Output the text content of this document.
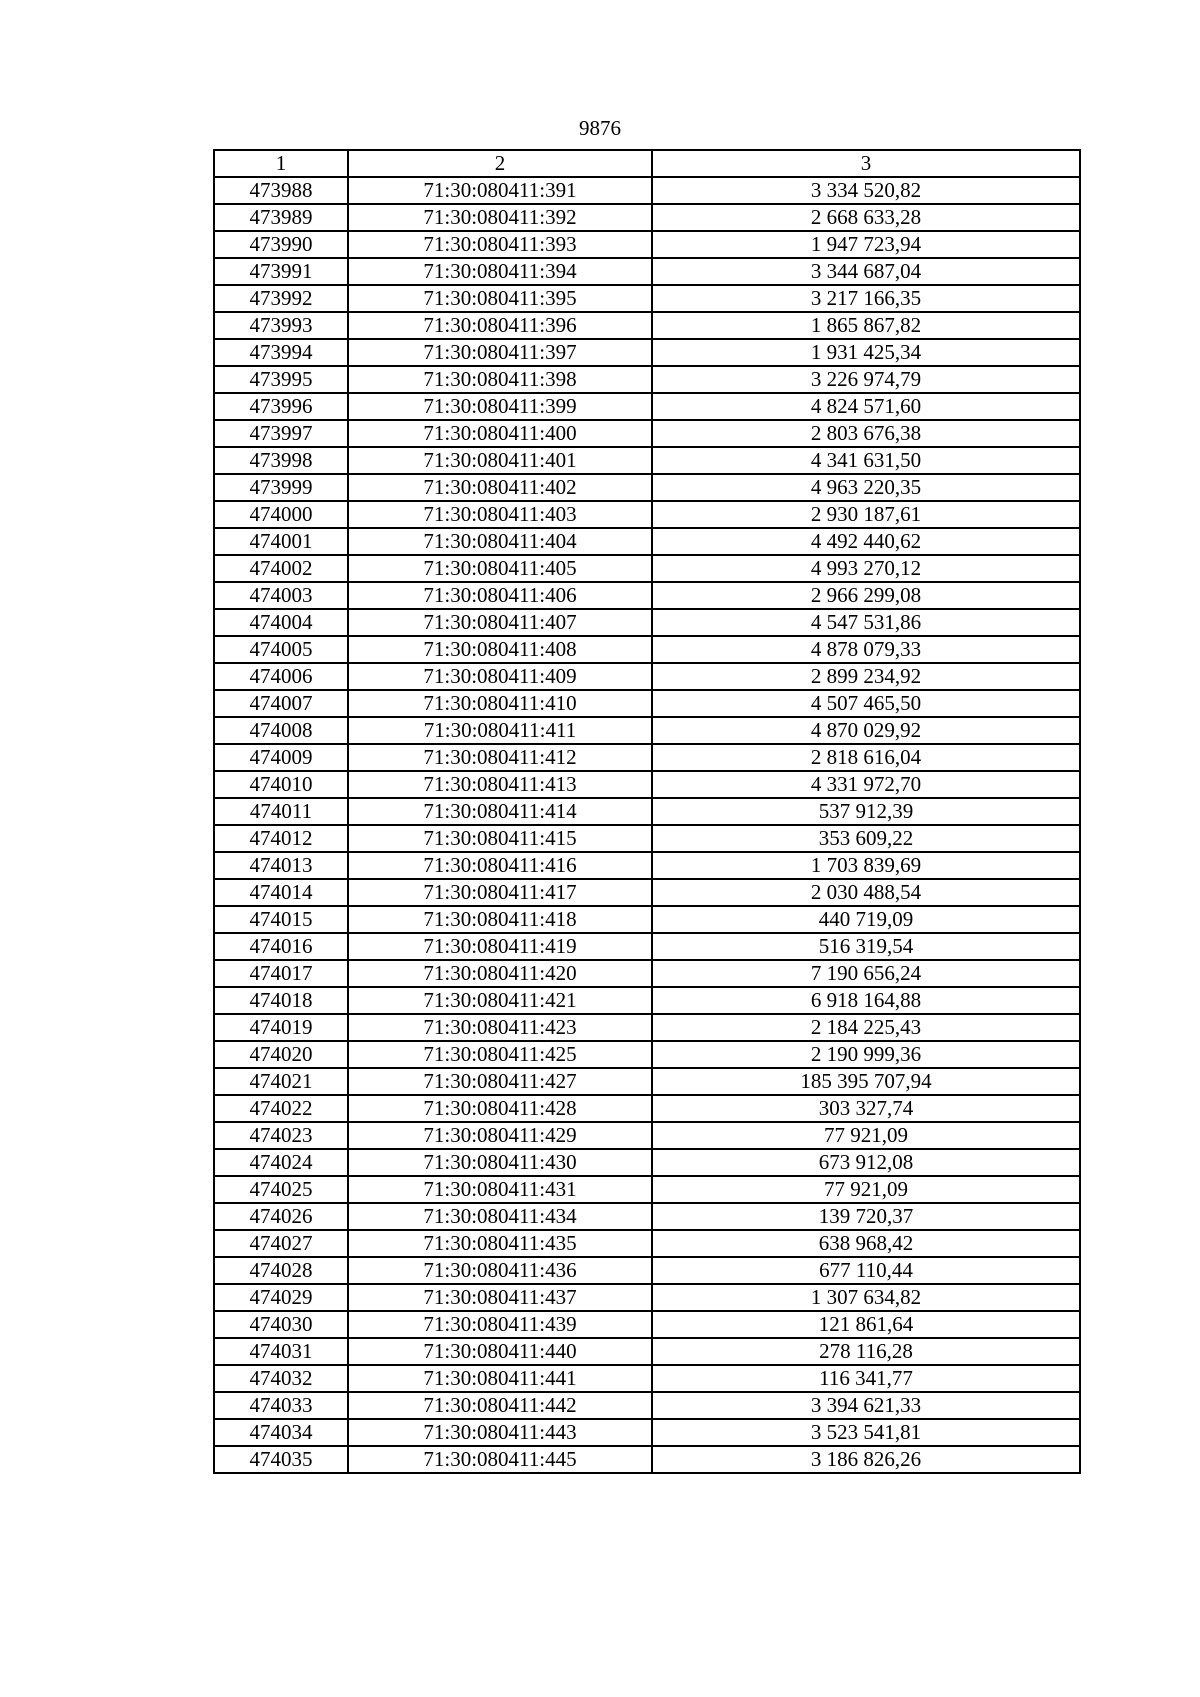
9876
1	2	3
473988	71:30:080411:391	3 334 520,82
473989	71:30:080411:392	2 668 633,28
473990	71:30:080411:393	1 947 723,94
473991	71:30:080411:394	3 344 687,04
473992	71:30:080411:395	3 217 166,35
473993	71:30:080411:396	1 865 867,82
473994	71:30:080411:397	1 931 425,34
473995	71:30:080411:398	3 226 974,79
473996	71:30:080411:399	4 824 571,60
473997	71:30:080411:400	2 803 676,38
473998	71:30:080411:401	4 341 631,50
473999	71:30:080411:402	4 963 220,35
474000	71:30:080411:403	2 930 187,61
474001	71:30:080411:404	4 492 440,62
474002	71:30:080411:405	4 993 270,12
474003	71:30:080411:406	2 966 299,08
474004	71:30:080411:407	4 547 531,86
474005	71:30:080411:408	4 878 079,33
474006	71:30:080411:409	2 899 234,92
474007	71:30:080411:410	4 507 465,50
474008	71:30:080411:411	4 870 029,92
474009	71:30:080411:412	2 818 616,04
474010	71:30:080411:413	4 331 972,70
474011	71:30:080411:414	537 912,39
474012	71:30:080411:415	353 609,22
474013	71:30:080411:416	1 703 839,69
474014	71:30:080411:417	2 030 488,54
474015	71:30:080411:418	440 719,09
474016	71:30:080411:419	516 319,54
474017	71:30:080411:420	7 190 656,24
474018	71:30:080411:421	6 918 164,88
474019	71:30:080411:423	2 184 225,43
474020	71:30:080411:425	2 190 999,36
474021	71:30:080411:427	185 395 707,94
474022	71:30:080411:428	303 327,74
474023	71:30:080411:429	77 921,09
474024	71:30:080411:430	673 912,08
474025	71:30:080411:431	77 921,09
474026	71:30:080411:434	139 720,37
474027	71:30:080411:435	638 968,42
474028	71:30:080411:436	677 110,44
474029	71:30:080411:437	1 307 634,82
474030	71:30:080411:439	121 861,64
474031	71:30:080411:440	278 116,28
474032	71:30:080411:441	116 341,77
474033	71:30:080411:442	3 394 621,33
474034	71:30:080411:443	3 523 541,81
474035	71:30:080411:445	3 186 826,26
